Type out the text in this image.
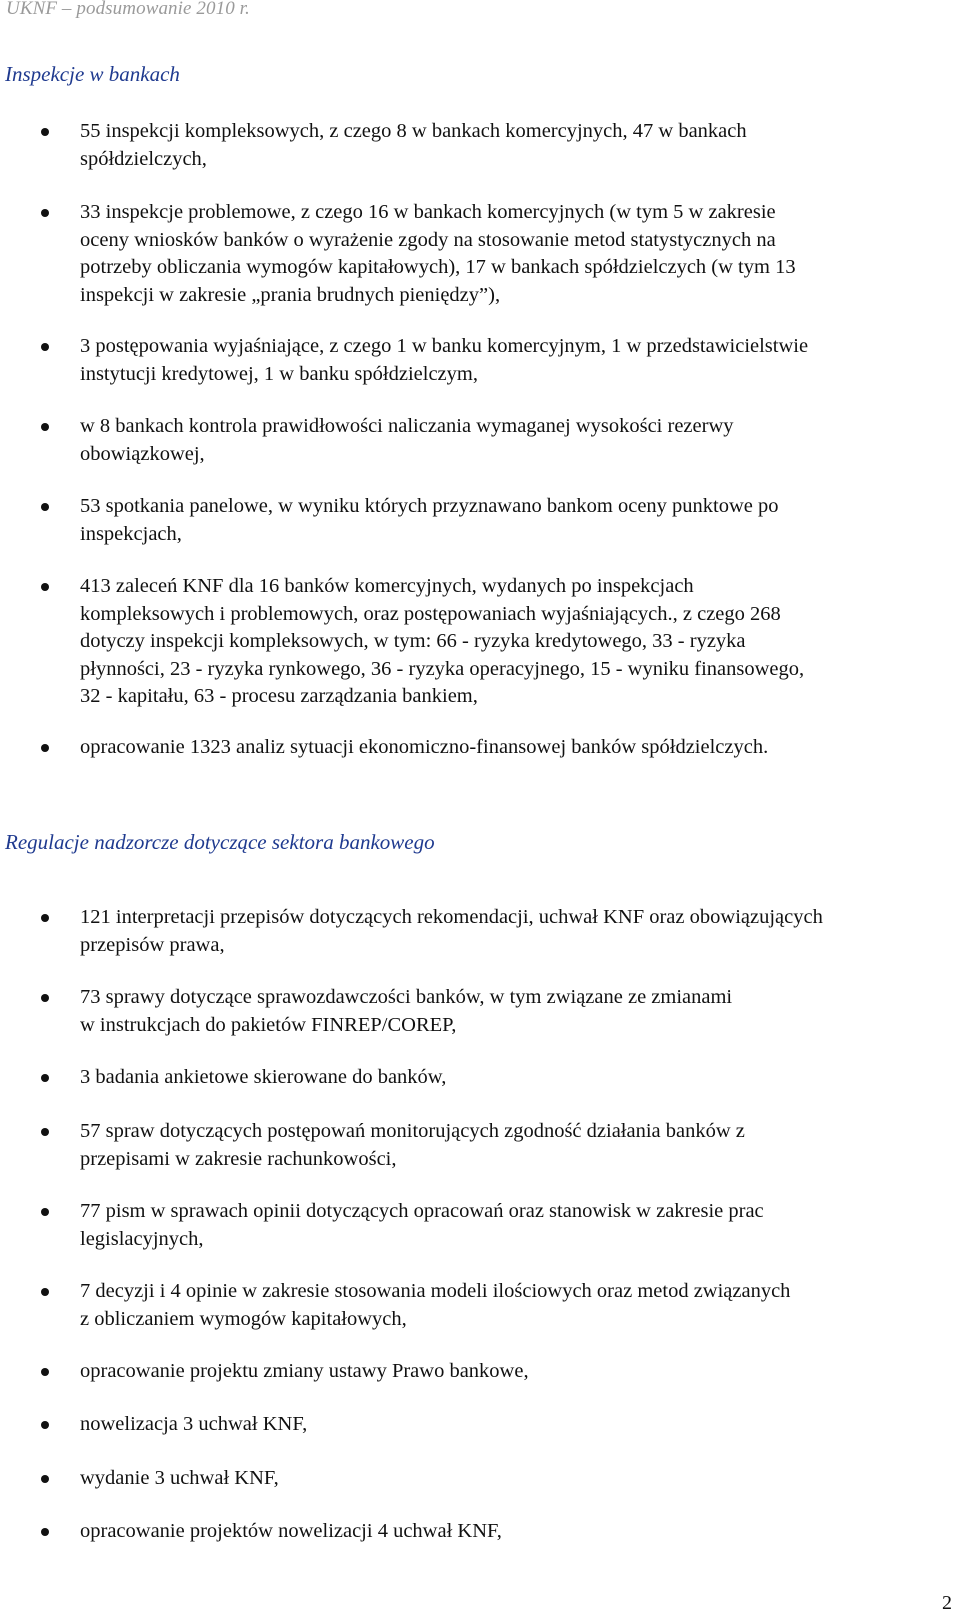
UKNF – podsumowanie 2010 r.
Inspekcje w bankach
55 inspekcji kompleksowych, z czego 8 w bankach komercyjnych, 47 w bankach
spółdzielczych,
33 inspekcje problemowe, z czego 16 w bankach komercyjnych (w tym 5 w zakresie
oceny wniosków banków o wyrażenie zgody na stosowanie metod statystycznych na
potrzeby obliczania wymogów kapitałowych), 17 w bankach spółdzielczych (w tym 13
inspekcji w zakresie „prania brudnych pieniędzy”),
3 postępowania wyjaśniające, z czego 1 w banku komercyjnym, 1 w przedstawicielstwie
instytucji kredytowej, 1 w banku spółdzielczym,
w 8 bankach kontrola prawidłowości naliczania wymaganej wysokości rezerwy
obowiązkowej,
53 spotkania panelowe, w wyniku których przyznawano bankom oceny punktowe po
inspekcjach,
413 zaleceń KNF dla 16 banków komercyjnych, wydanych po inspekcjach
kompleksowych i problemowych, oraz postępowaniach wyjaśniających., z czego 268
dotyczy inspekcji kompleksowych, w tym: 66 - ryzyka kredytowego, 33 - ryzyka
płynności, 23 - ryzyka rynkowego, 36 - ryzyka operacyjnego, 15 - wyniku finansowego,
32 - kapitału, 63 - procesu zarządzania bankiem,
opracowanie 1323 analiz sytuacji ekonomiczno-finansowej banków spółdzielczych.
Regulacje nadzorcze dotyczące sektora bankowego
121 interpretacji przepisów dotyczących rekomendacji, uchwał KNF oraz obowiązujących
przepisów prawa,
73 sprawy dotyczące sprawozdawczości banków, w tym związane ze zmianami
w instrukcjach do pakietów FINREP/COREP,
3 badania ankietowe skierowane do banków,
57 spraw dotyczących postępowań monitorujących zgodność działania banków z
przepisami w zakresie rachunkowości,
77 pism w sprawach opinii dotyczących opracowań oraz stanowisk w zakresie prac
legislacyjnych,
7 decyzji i 4 opinie w zakresie stosowania modeli ilościowych oraz metod związanych
z obliczaniem wymogów kapitałowych,
opracowanie projektu zmiany ustawy Prawo bankowe,
nowelizacja 3 uchwał KNF,
wydanie 3 uchwał KNF,
opracowanie projektów nowelizacji 4 uchwał KNF,
2
